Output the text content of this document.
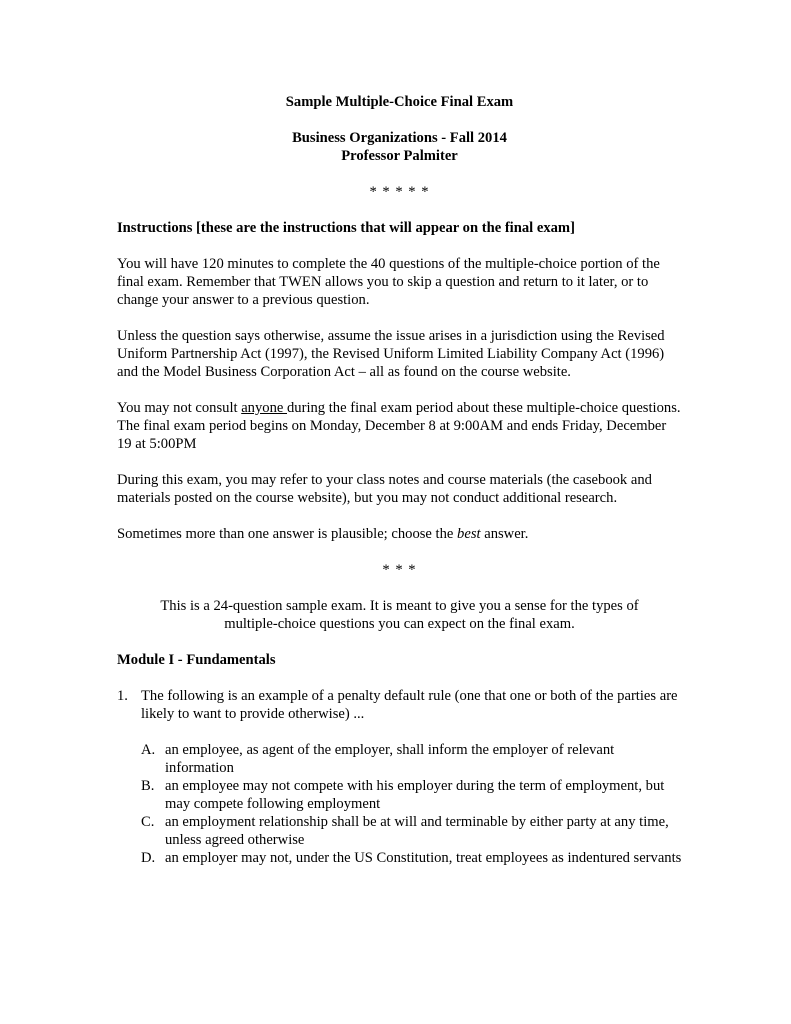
Sample Multiple-Choice Final Exam

Business Organizations - Fall 2014

Professor Palmiter

* * * * *

Instructions [these are the instructions that will appear on the final exam]

You will have 120 minutes to complete the 40 questions of the multiple-choice portion of the final exam. Remember that TWEN allows you to skip a question and return to it later, or to change your answer to a previous question.

Unless the question says otherwise, assume the issue arises in a jurisdiction using the Revised Uniform Partnership Act (1997), the Revised Uniform Limited Liability Company Act (1996) and the Model Business Corporation Act – all as found on the course website.

You may not consult anyone during the final exam period about these multiple-choice questions. The final exam period begins on Monday, December 8 at 9:00AM and ends Friday, December 19 at 5:00PM

During this exam, you may refer to your class notes and course materials (the casebook and materials posted on the course website), but you may not conduct additional research.

Sometimes more than one answer is plausible; choose the best answer.

* * *

This is a 24-question sample exam. It is meant to give you a sense for the types of multiple-choice questions you can expect on the final exam.

Module I - Fundamentals

1. The following is an example of a penalty default rule (one that one or both of the parties are likely to want to provide otherwise) ...

A. an employee, as agent of the employer, shall inform the employer of relevant information
B. an employee may not compete with his employer during the term of employment, but may compete following employment
C. an employment relationship shall be at will and terminable by either party at any time, unless agreed otherwise
D. an employer may not, under the US Constitution, treat employees as indentured servants
